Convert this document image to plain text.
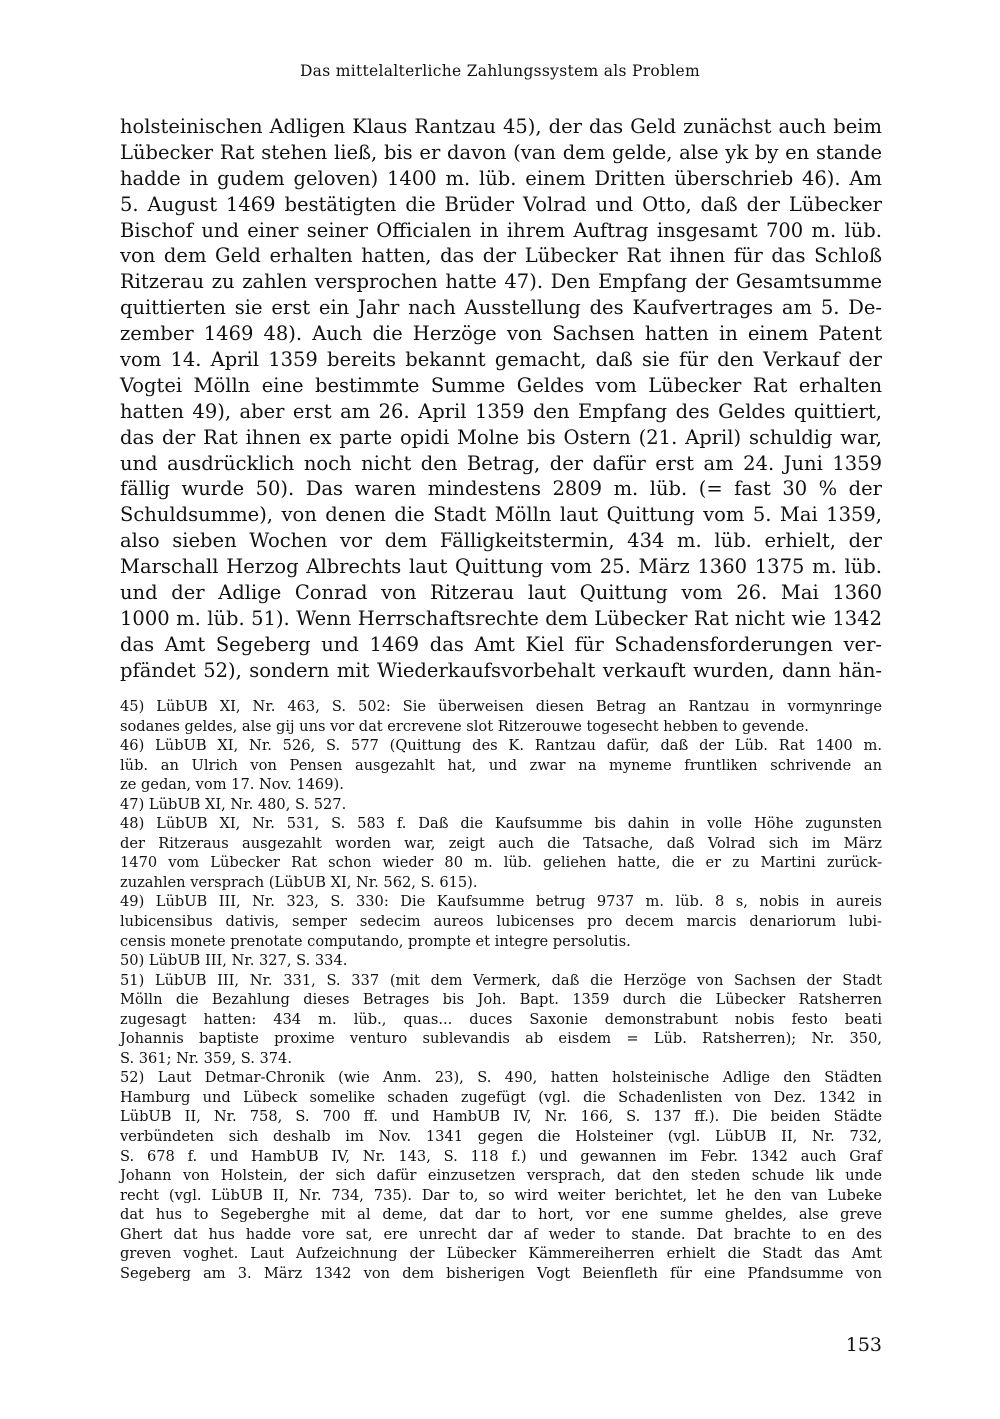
Das mittelalterliche Zahlungssystem als Problem
holsteinischen Adligen Klaus Rantzau 45), der das Geld zunächst auch beim
Lübecker Rat stehen ließ, bis er davon (van dem gelde, alse yk by en stande
hadde in gudem geloven) 1400 m. lüb. einem Dritten überschrieb 46). Am
5. August 1469 bestätigten die Brüder Volrad und Otto, daß der Lübecker
Bischof und einer seiner Officialen in ihrem Auftrag insgesamt 700 m. lüb.
von dem Geld erhalten hatten, das der Lübecker Rat ihnen für das Schloß
Ritzerau zu zahlen versprochen hatte 47). Den Empfang der Gesamtsumme
quittierten sie erst ein Jahr nach Ausstellung des Kaufvertrages am 5. De-
zember 1469 48). Auch die Herzöge von Sachsen hatten in einem Patent
vom 14. April 1359 bereits bekannt gemacht, daß sie für den Verkauf der
Vogtei Mölln eine bestimmte Summe Geldes vom Lübecker Rat erhalten
hatten 49), aber erst am 26. April 1359 den Empfang des Geldes quittiert,
das der Rat ihnen ex parte opidi Molne bis Ostern (21. April) schuldig war,
und ausdrücklich noch nicht den Betrag, der dafür erst am 24. Juni 1359
fällig wurde 50). Das waren mindestens 2809 m. lüb. (= fast 30 % der
Schuldsumme), von denen die Stadt Mölln laut Quittung vom 5. Mai 1359,
also sieben Wochen vor dem Fälligkeitstermin, 434 m. lüb. erhielt, der
Marschall Herzog Albrechts laut Quittung vom 25. März 1360 1375 m. lüb.
und der Adlige Conrad von Ritzerau laut Quittung vom 26. Mai 1360
1000 m. lüb. 51). Wenn Herrschaftsrechte dem Lübecker Rat nicht wie 1342
das Amt Segeberg und 1469 das Amt Kiel für Schadensforderungen ver-
pfändet 52), sondern mit Wiederkaufsvorbehalt verkauft wurden, dann hän-
45) LübUB XI, Nr. 463, S. 502: Sie überweisen diesen Betrag an Rantzau in vormynringe
sodanes geldes, alse gij uns vor dat ercrevene slot Ritzerouwe togesecht hebben to gevende.
46) LübUB XI, Nr. 526, S. 577 (Quittung des K. Rantzau dafür, daß der Lüb. Rat 1400 m.
lüb. an Ulrich von Pensen ausgezahlt hat, und zwar na myneme fruntliken schrivende an
ze gedan, vom 17. Nov. 1469).
47) LübUB XI, Nr. 480, S. 527.
48) LübUB XI, Nr. 531, S. 583 f. Daß die Kaufsumme bis dahin in volle Höhe zugunsten
der Ritzeraus ausgezahlt worden war, zeigt auch die Tatsache, daß Volrad sich im März
1470 vom Lübecker Rat schon wieder 80 m. lüb. geliehen hatte, die er zu Martini zurück-
zuzahlen versprach (LübUB XI, Nr. 562, S. 615).
49) LübUB III, Nr. 323, S. 330: Die Kaufsumme betrug 9737 m. lüb. 8 s, nobis in aureis
lubicensibus dativis, semper sedecim aureos lubicenses pro decem marcis denariorum lubi-
censis monete prenotate computando, prompte et integre persolutis.
50) LübUB III, Nr. 327, S. 334.
51) LübUB III, Nr. 331, S. 337 (mit dem Vermerk, daß die Herzöge von Sachsen der Stadt
Mölln die Bezahlung dieses Betrages bis Joh. Bapt. 1359 durch die Lübecker Ratsherren
zugesagt hatten: 434 m. lüb., quas... duces Saxonie demonstrabunt nobis festo beati
Johannis baptiste proxime venturo sublevandis ab eisdem = Lüb. Ratsherren); Nr. 350,
S. 361; Nr. 359, S. 374.
52) Laut Detmar-Chronik (wie Anm. 23), S. 490, hatten holsteinische Adlige den Städten
Hamburg und Lübeck somelike schaden zugefügt (vgl. die Schadenlisten von Dez. 1342 in
LübUB II, Nr. 758, S. 700 ff. und HambUB IV, Nr. 166, S. 137 ff.). Die beiden Städte
verbündeten sich deshalb im Nov. 1341 gegen die Holsteiner (vgl. LübUB II, Nr. 732,
S. 678 f. und HambUB IV, Nr. 143, S. 118 f.) und gewannen im Febr. 1342 auch Graf
Johann von Holstein, der sich dafür einzusetzen versprach, dat den steden schude lik unde
recht (vgl. LübUB II, Nr. 734, 735). Dar to, so wird weiter berichtet, let he den van Lubeke
dat hus to Segeberghe mit al deme, dat dar to hort, vor ene summe gheldes, alse greve
Ghert dat hus hadde vore sat, ere unrecht dar af weder to stande. Dat brachte to en des
greven voghet. Laut Aufzeichnung der Lübecker Kämmereiherren erhielt die Stadt das Amt
Segeberg am 3. März 1342 von dem bisherigen Vogt Beienfleth für eine Pfandsumme von
153
